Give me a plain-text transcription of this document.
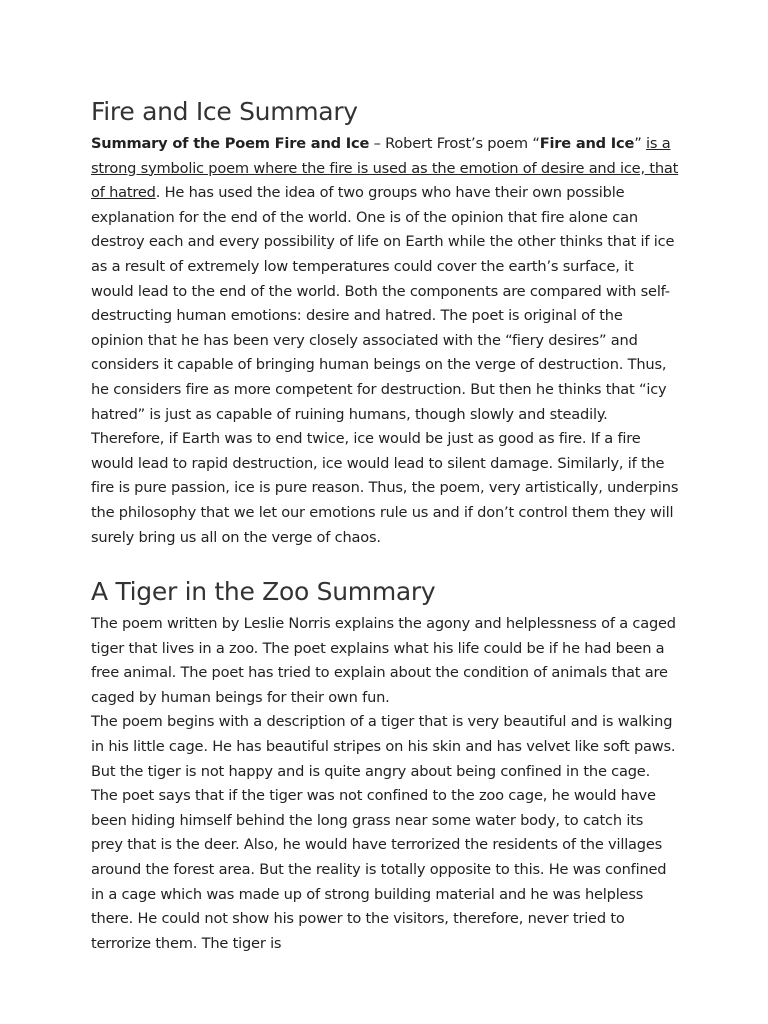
Fire and Ice Summary

Summary of the Poem Fire and Ice – Robert Frost’s poem “Fire and Ice” is a strong symbolic poem where the fire is used as the emotion of desire and ice, that of hatred. He has used the idea of two groups who have their own possible explanation for the end of the world. One is of the opinion that fire alone can destroy each and every possibility of life on Earth while the other thinks that if ice as a result of extremely low temperatures could cover the earth’s surface, it would lead to the end of the world. Both the components are compared with self-destructing human emotions: desire and hatred. The poet is original of the opinion that he has been very closely associated with the “fiery desires” and considers it capable of bringing human beings on the verge of destruction. Thus, he considers fire as more competent for destruction. But then he thinks that “icy hatred” is just as capable of ruining humans, though slowly and steadily. Therefore, if Earth was to end twice, ice would be just as good as fire. If a fire would lead to rapid destruction, ice would lead to silent damage. Similarly, if the fire is pure passion, ice is pure reason. Thus, the poem, very artistically, underpins the philosophy that we let our emotions rule us and if don’t control them they will surely bring us all on the verge of chaos.

A Tiger in the Zoo Summary

The poem written by Leslie Norris explains the agony and helplessness of a caged tiger that lives in a zoo. The poet explains what his life could be if he had been a free animal. The poet has tried to explain about the condition of animals that are caged by human beings for their own fun.

The poem begins with a description of a tiger that is very beautiful and is walking in his little cage. He has beautiful stripes on his skin and has velvet like soft paws. But the tiger is not happy and is quite angry about being confined in the cage. The poet says that if the tiger was not confined to the zoo cage, he would have been hiding himself behind the long grass near some water body, to catch its prey that is the deer. Also, he would have terrorized the residents of the villages around the forest area. But the reality is totally opposite to this. He was confined in a cage which was made up of strong building material and he was helpless there. He could not show his power to the visitors, therefore, never tried to terrorize them. The tiger is
